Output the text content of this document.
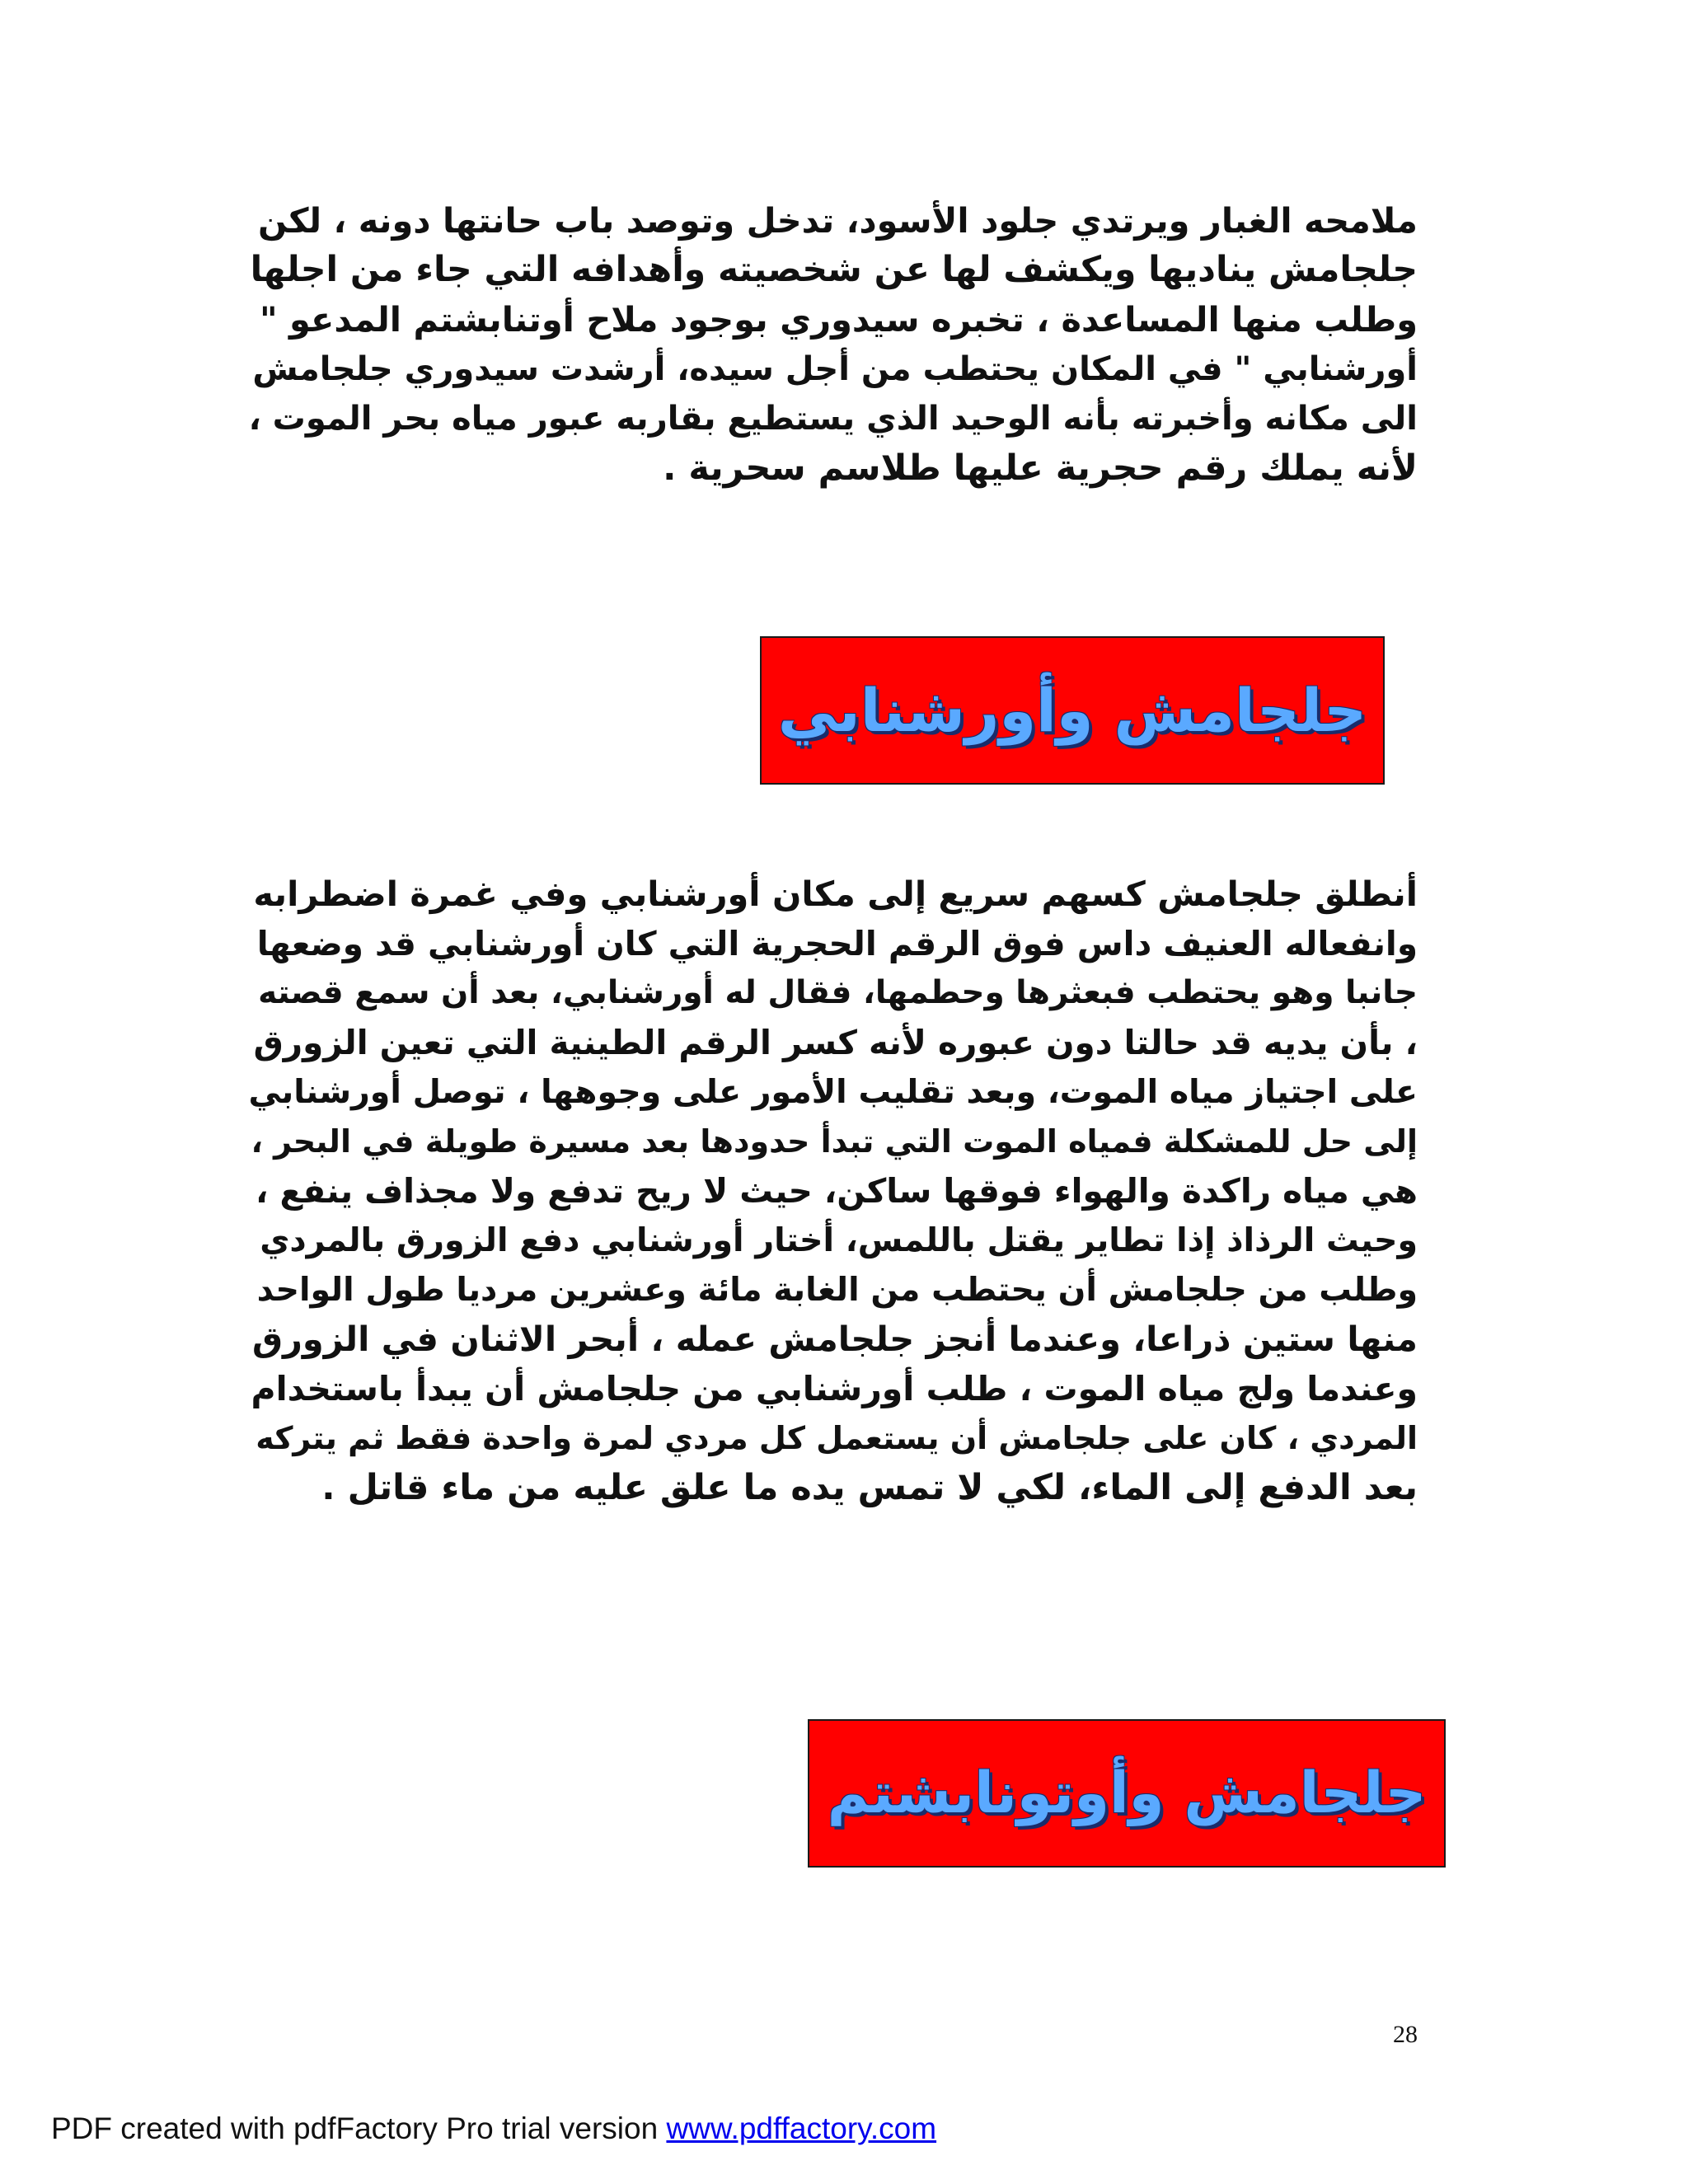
ملامحه الغبار ويرتدي جلود الأسود، تدخل وتوصد باب حانتها دونه ، لكن
جلجامش يناديها ويكشف لها عن شخصيته وأهدافه التي جاء من اجلها
وطلب منها المساعدة ، تخبره سيدوري بوجود ملاح أوتنابشتم المدعو "
أورشنابي " في المكان يحتطب من أجل سيده، أرشدت سيدوري جلجامش
الى مكانه وأخبرته بأنه الوحيد الذي يستطيع بقاربه عبور مياه بحر الموت ،
لأنه يملك رقم حجرية عليها طلاسم سحرية .
جلجامش وأورشنابي
أنطلق جلجامش كسهم سريع إلى مكان أورشنابي وفي غمرة اضطرابه
وانفعاله العنيف داس فوق الرقم الحجرية التي كان أورشنابي قد وضعها
جانبا وهو يحتطب فبعثرها وحطمها، فقال له أورشنابي، بعد أن سمع قصته
، بأن يديه قد حالتا دون عبوره لأنه كسر الرقم الطينية التي تعين الزورق
على اجتياز مياه الموت، وبعد تقليب الأمور على وجوهها ، توصل أورشنابي
إلى حل للمشكلة فمياه الموت التي تبدأ حدودها بعد مسيرة طويلة في البحر ،
هي مياه راكدة والهواء فوقها ساكن، حيث لا ريح تدفع ولا مجذاف ينفع ،
وحيث الرذاذ إذا تطاير يقتل باللمس، أختار أورشنابي دفع الزورق بالمردي
وطلب من جلجامش أن يحتطب من الغابة مائة وعشرين مرديا طول الواحد
منها ستين ذراعا، وعندما أنجز جلجامش عمله ، أبحر الاثنان في الزورق
وعندما ولج مياه الموت ، طلب أورشنابي من جلجامش أن يبدأ باستخدام
المردي ، كان على جلجامش أن يستعمل كل مردي لمرة واحدة فقط ثم يتركه
بعد الدفع إلى الماء، لكي لا تمس يده ما علق عليه من ماء قاتل .
جلجامش وأوتونابشتم
28
PDF created with pdfFactory Pro trial version www.pdffactory.com
